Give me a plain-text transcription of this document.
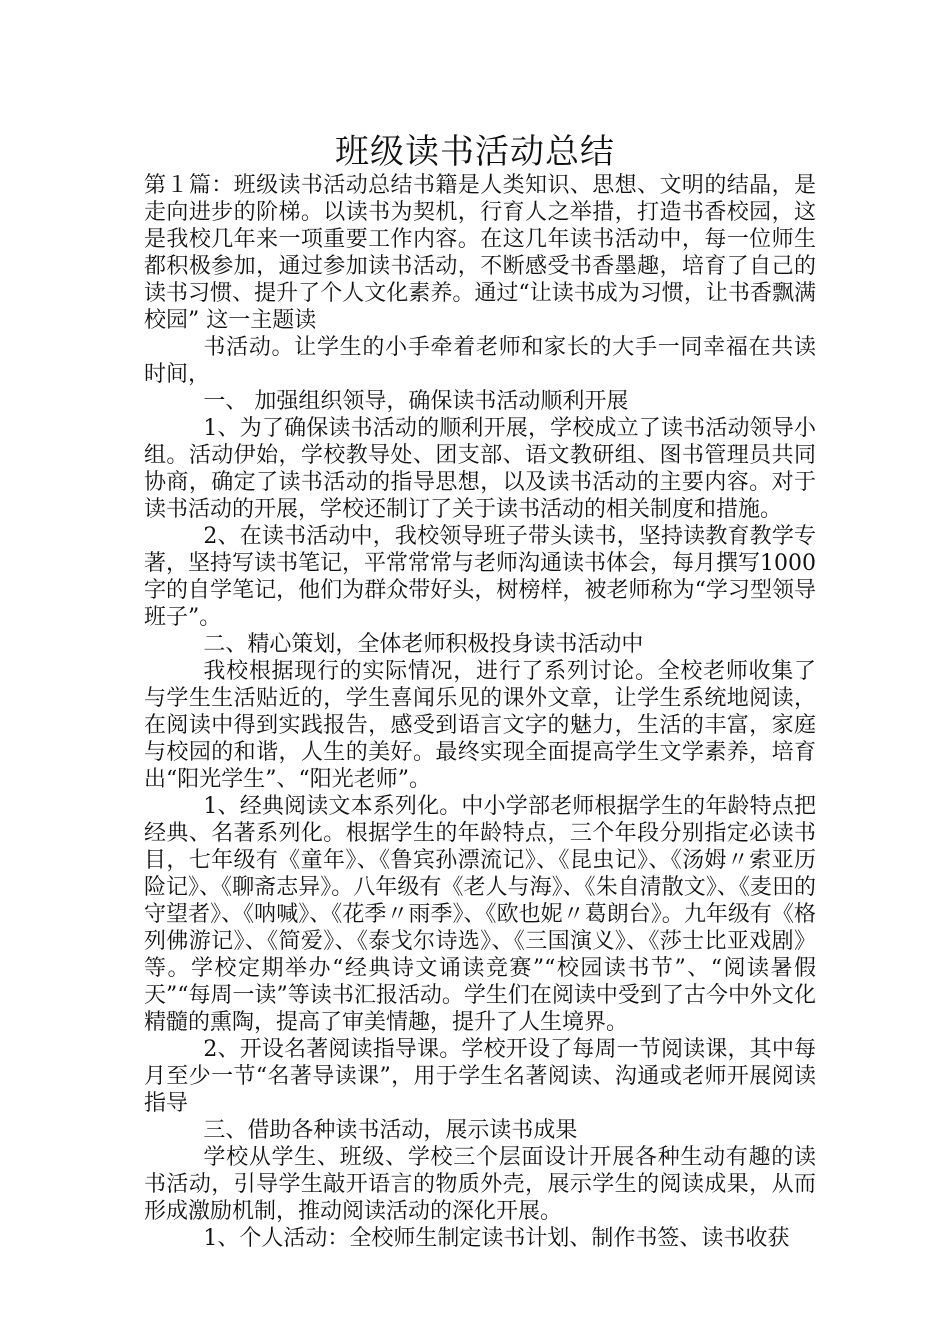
班级读书活动总结

第１篇：班级读书活动总结书籍是人类知识、思想、文明的结晶，是走向进步的阶梯。以读书为契机，行育人之举措，打造书香校园，这是我校几年来一项重要工作内容。在这几年读书活动中，每一位师生都积极参加，通过参加读书活动，不断感受书香墨趣，培育了自己的读书习惯、提升了个人文化素养。通过“让读书成为习惯，让书香飘满校园” 这一主题读

书活动。让学生的小手牵着老师和家长的大手一同幸福在共读时间，

一、 加强组织领导，确保读书活动顺利开展

1、为了确保读书活动的顺利开展，学校成立了读书活动领导小组。活动伊始，学校教导处、团支部、语文教研组、图书管理员共同协商，确定了读书活动的指导思想，以及读书活动的主要内容。对于读书活动的开展，学校还制订了关于读书活动的相关制度和措施。

2、在读书活动中，我校领导班子带头读书，坚持读教育教学专著，坚持写读书笔记，平常常常与老师沟通读书体会，每月撰写1000 字的自学笔记，他们为群众带好头，树榜样，被老师称为“学习型领导班子”。

二、精心策划，全体老师积极投身读书活动中

我校根据现行的实际情况，进行了系列讨论。全校老师收集了与学生生活贴近的，学生喜闻乐见的课外文章，让学生系统地阅读，在阅读中得到实践报告，感受到语言文字的魅力，生活的丰富，家庭与校园的和谐，人生的美好。最终实现全面提高学生文学素养，培育出“阳光学生”、“阳光老师”。

1、经典阅读文本系列化。中小学部老师根据学生的年龄特点把经典、名著系列化。根据学生的年龄特点，三个年段分别指定必读书目，七年级有《童年》、《鲁宾孙漂流记》、《昆虫记》、《汤姆〃索亚历险记》、《聊斋志异》。八年级有《老人与海》、《朱自清散文》、《麦田的守望者》、《呐喊》、《花季〃雨季》、《欧也妮〃葛朗台》。九年级有《格列佛游记》、《简爱》、《泰戈尔诗选》、《三国演义》、《莎士比亚戏剧》等。学校定期举办“经典诗文诵读竞赛”“校园读书节”、“阅读暑假天”“每周一读”等读书汇报活动。学生们在阅读中受到了古今中外文化精髓的熏陶，提高了审美情趣，提升了人生境界。

2、开设名著阅读指导课。学校开设了每周一节阅读课，其中每月至少一节“名著导读课”，用于学生名著阅读、沟通或老师开展阅读指导

三、借助各种读书活动，展示读书成果

学校从学生、班级、学校三个层面设计开展各种生动有趣的读书活动，引导学生敲开语言的物质外壳，展示学生的阅读成果，从而形成激励机制，推动阅读活动的深化开展。

1、个人活动：全校师生制定读书计划、制作书签、读书收获
